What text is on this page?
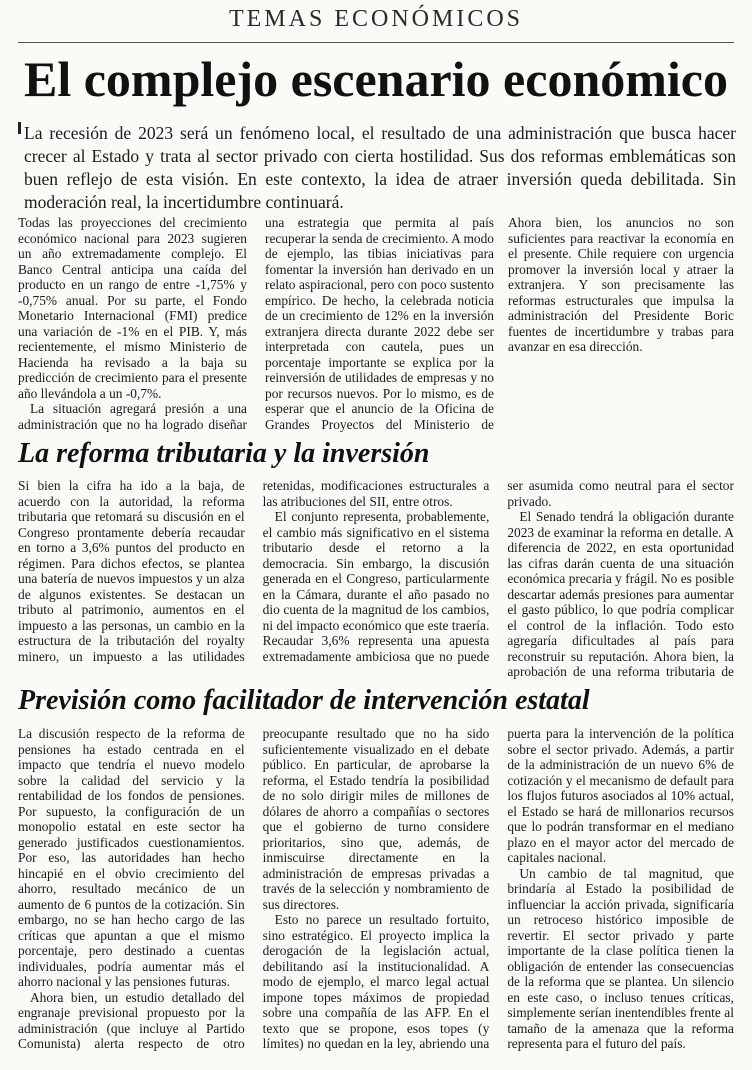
TEMAS ECONÓMICOS
El complejo escenario económico
La recesión de 2023 será un fenómeno local, el resultado de una administración que busca hacer crecer al Estado y trata al sector privado con cierta hostilidad. Sus dos reformas emblemáticas son buen reflejo de esta visión. En este contexto, la idea de atraer inversión queda debilitada. Sin moderación real, la incertidumbre continuará.

Todas las proyecciones del crecimiento económico nacional para 2023 sugieren un año extremadamente complejo. El Banco Central anticipa una caída del producto en un rango de entre -1,75% y -0,75% anual. Por su parte, el Fondo Monetario Internacional (FMI) predice una variación de -1% en el PIB. Y, más recientemente, el mismo Ministerio de Hacienda ha revisado a la baja su predicción de crecimiento para el presente año llevándola a un -0,7%.

La situación agregará presión a una administración que no ha logrado diseñar una estrategia que permita al país recuperar la senda de crecimiento. A modo de ejemplo, las tibias iniciativas para fomentar la inversión han derivado en un relato aspiracional, pero con poco sustento empírico. De hecho, la celebrada noticia de un crecimiento de 12% en la inversión extranjera directa durante 2022 debe ser interpretada con cautela, pues un porcentaje importante se explica por la reinversión de utilidades de empresas y no por recursos nuevos. Por lo mismo, es de esperar que el anuncio de la Oficina de Grandes Proyectos del Ministerio de

Ahora bien, los anuncios no son suficientes para reactivar la economía en el presente. Chile requiere con urgencia promover la inversión local y atraer la extranjera. Y son precisamente las reformas estructurales que impulsa la administración del Presidente Boric fuentes de incertidumbre y trabas para avanzar en esa dirección.

La reforma tributaria y la inversión

Si bien la cifra ha ido a la baja, de acuerdo con la autoridad, la reforma tributaria que retomará su discusión en el Congreso prontamente debería recaudar en torno a 3,6% puntos del producto en régimen. Para dichos efectos, se plantea una batería de nuevos impuestos y un alza de algunos existentes. Se destacan un tributo al patrimonio, aumentos en el impuesto a las personas, un cambio en la estructura de la tributación del royalty minero, un impuesto a las utilidades retenidas, modificaciones estructurales a las atribuciones del SII, entre otros.

El conjunto representa, probablemente, el cambio más significativo en el sistema tributario desde el retorno a la democracia. Sin embargo, la discusión generada en el Congreso, particularmente en la Cámara, durante el año pasado no dio cuenta de la magnitud de los cambios, ni del impacto económico que este traería. Recaudar 3,6% representa una apuesta extremadamente ambiciosa que no puede ser asumida como neutral para el sector privado.

El Senado tendrá la obligación durante 2023 de examinar la reforma en detalle. A diferencia de 2022, en esta oportunidad las cifras darán cuenta de una situación económica precaria y frágil. No es posible descartar además presiones para aumentar el gasto público, lo que podría complicar el control de la inflación. Todo esto agregaría dificultades al país para reconstruir su reputación. Ahora bien, la aprobación de una reforma tributaria de

Previsión como facilitador de intervención estatal

La discusión respecto de la reforma de pensiones ha estado centrada en el impacto que tendría el nuevo modelo sobre la calidad del servicio y la rentabilidad de los fondos de pensiones. Por supuesto, la configuración de un monopolio estatal en este sector ha generado justificados cuestionamientos. Por eso, las autoridades han hecho hincapié en el obvio crecimiento del ahorro, resultado mecánico de un aumento de 6 puntos de la cotización. Sin embargo, no se han hecho cargo de las críticas que apuntan a que el mismo porcentaje, pero destinado a cuentas individuales, podría aumentar más el ahorro nacional y las pensiones futuras.

Ahora bien, un estudio detallado del engranaje previsional propuesto por la administración (que incluye al Partido Comunista) alerta respecto de otro preocupante resultado que no ha sido suficientemente visualizado en el debate público. En particular, de aprobarse la reforma, el Estado tendría la posibilidad de no solo dirigir miles de millones de dólares de ahorro a compañías o sectores que el gobierno de turno considere prioritarios, sino que, además, de inmiscuirse directamente en la administración de empresas privadas a través de la selección y nombramiento de sus directores.

Esto no parece un resultado fortuito, sino estratégico. El proyecto implica la derogación de la legislación actual, debilitando así la institucionalidad. A modo de ejemplo, el marco legal actual impone topes máximos de propiedad sobre una compañía de las AFP. En el texto que se propone, esos topes (y límites) no quedan en la ley, abriendo una puerta para la intervención de la política sobre el sector privado. Además, a partir de la administración de un nuevo 6% de cotización y el mecanismo de default para los flujos futuros asociados al 10% actual, el Estado se hará de millonarios recursos que lo podrán transformar en el mediano plazo en el mayor actor del mercado de capitales nacional.

Un cambio de tal magnitud, que brindaría al Estado la posibilidad de influenciar la acción privada, significaría un retroceso histórico imposible de revertir. El sector privado y parte importante de la clase política tienen la obligación de entender las consecuencias de la reforma que se plantea. Un silencio en este caso, o incluso tenues críticas, simplemente serían inentendibles frente al tamaño de la amenaza que la reforma representa para el futuro del país.
